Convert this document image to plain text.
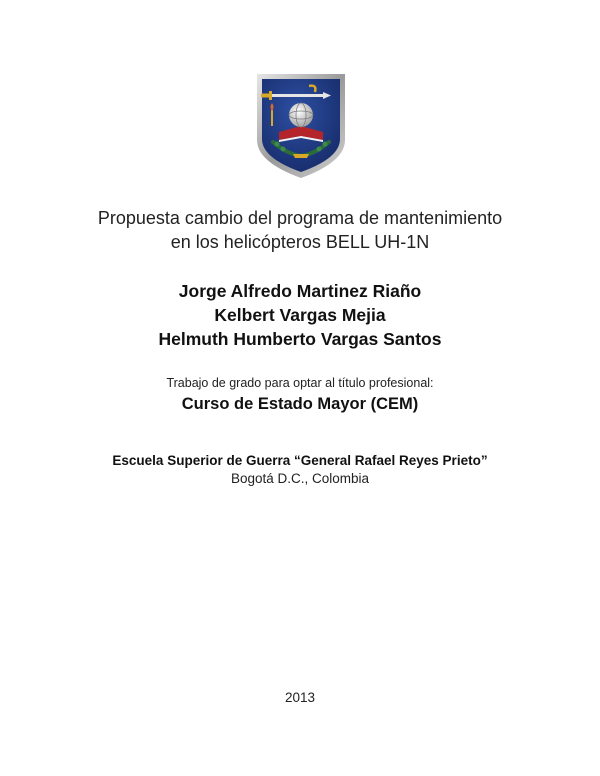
Propuesta cambio del programa de mantenimiento
en los helicópteros BELL UH-1N
Jorge Alfredo Martinez Riaño
Kelbert Vargas Mejia
Helmuth Humberto Vargas Santos
Trabajo de grado para optar al título profesional:
Curso de Estado Mayor (CEM)
Escuela Superior de Guerra “General Rafael Reyes Prieto”
Bogotá D.C., Colombia
2013
